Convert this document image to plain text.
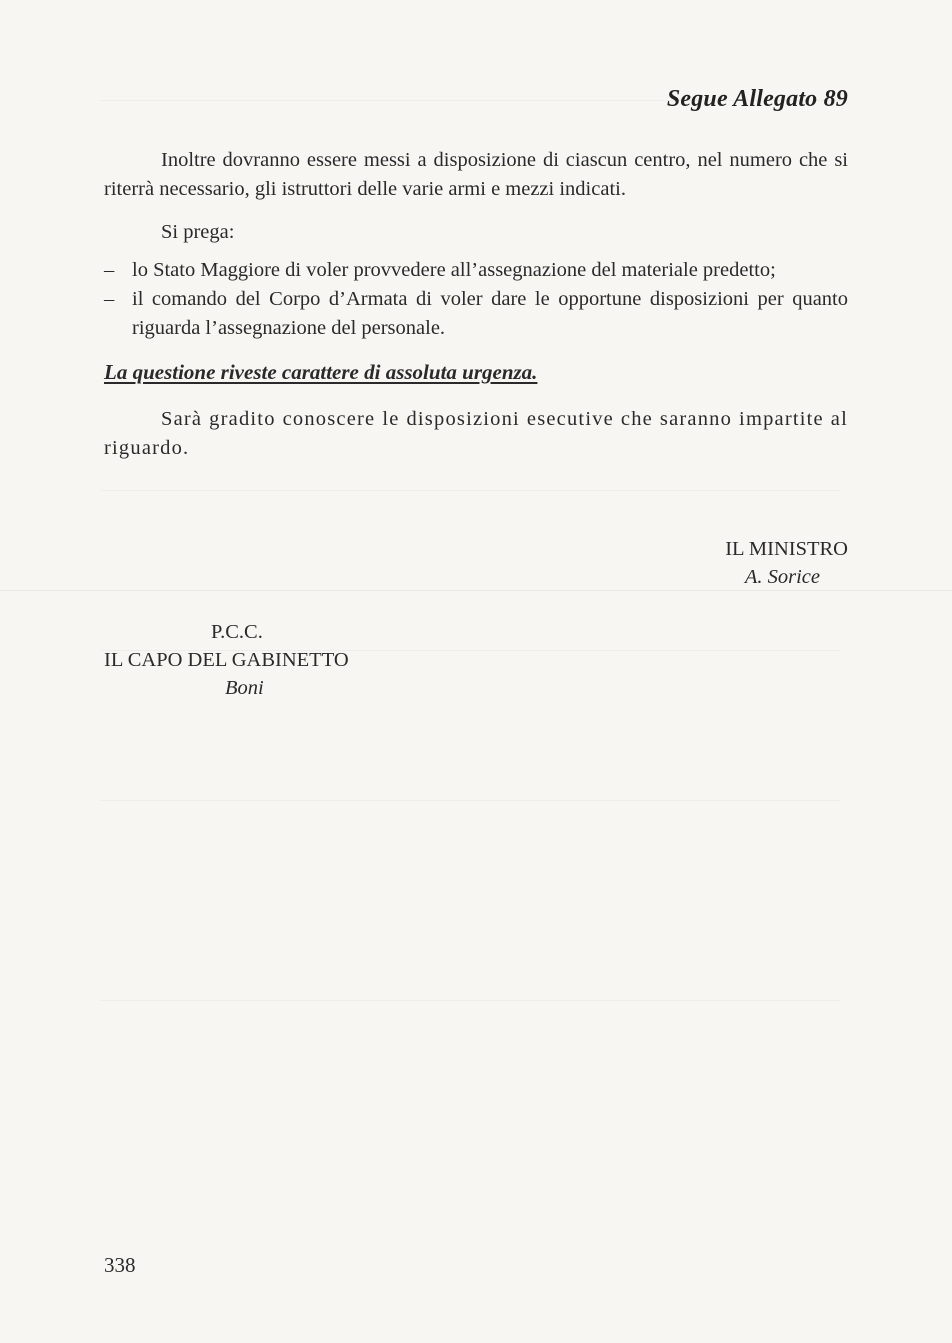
Segue Allegato 89

Inoltre dovranno essere messi a disposizione di ciascun centro, nel numero che si riterrà necessario, gli istruttori delle varie armi e mezzi indicati.

Si prega:

– lo Stato Maggiore di voler provvedere all’assegnazione del materiale predetto;
– il comando del Corpo d’Armata di voler dare le opportune disposizioni per quanto riguarda l’assegnazione del personale.
La questione riveste carattere di assoluta urgenza.

Sarà gradito conoscere le disposizioni esecutive che saranno impartite al riguardo.

IL MINISTRO
A. Sorice
P.C.C.
IL CAPO DEL GABINETTO
Boni
338
